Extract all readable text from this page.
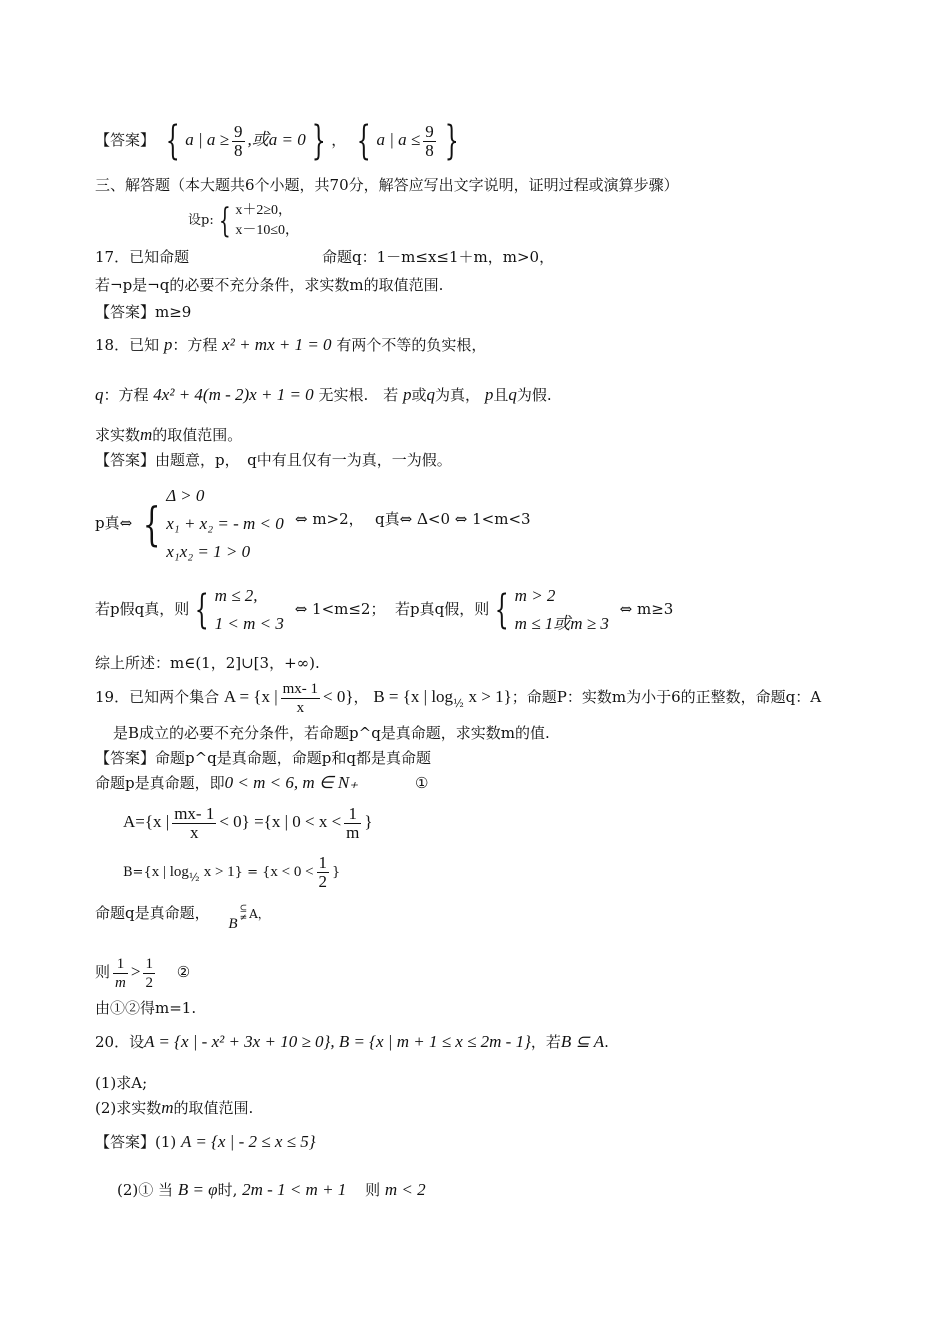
【答案】 { a | $a \ge \frac{9}{8}$ ,或a = 0 } ， { a | $a \le \frac{9}{8}$ }
三、解答题（本大题共6个小题，共70分，解答应写出文字说明，证明过程或演算步骤）
设p: { x＋2≥0，
x－10≤0，
17．已知命题	命题q：1－m≤x≤1＋m，m>0，
若¬p是¬q的必要不充分条件，求实数m的取值范围.
【答案】m≥9
18．已知 p：方程 x² + mx + 1 = 0 有两个不等的负实根，
q：方程 4x² + 4(m - 2)x + 1 = 0 无实根.　若 p或q为真， p且q为假.
求实数m的取值范围。
【答案】由题意，p，　q中有且仅有一为真，一为假。
p真⇔ {
Δ > 0
x₁ + x₂ = - m < 0
x₁x₂ = 1 > 0
⇔ m>2， q真⇔ Δ<0 ⇔ 1<m<3
若p假q真，则 { m ≤ 2,
1 < m < 3
⇔ 1<m≤2； 若p真q假，则 { m > 2
m ≤ 1或m ≥ 3
⇔ m≥3
综上所述：m∈(1，2]∪[3，+∞).
19．已知两个集合 A = {x | $\frac{mx- 1}{x} < 0$}， B = {x | $\log_{\frac{1}{2}} x > 1$}；命题P：实数m为小于6的正整数，命题q：A
是B成立的必要不充分条件，若命题p^q是真命题，求实数m的值.
【答案】命题p^q是真命题，命题p和q都是真命题
命题p是真命题，即0 < m < 6, m ∈ N₊	①
A={x | $\frac{mx- 1}{x} < 0\} =\{x$ | $0 < x < \frac{1}{m}$ }
B={x | $\log_{\frac{1}{2}} x > 1\} = \{x < 0 < \frac{1}{2}$ }
命题q是真命题， B
⊆
≠ A，
则 $\frac{1}{m} > \frac{1}{2}$ ②
由①②得m=1.
20．设A = {x | - x² + 3x + 10 ≥ 0}, B = {x | m + 1 ≤ x ≤ 2m - 1}，若B ⊆ A.
(1)求A;
(2)求实数m的取值范围.
【答案】(1) A = {x | - 2 ≤ x ≤ 5}
(2)① 当 B = φ时, 2m - 1 < m + 1 则 m < 2
